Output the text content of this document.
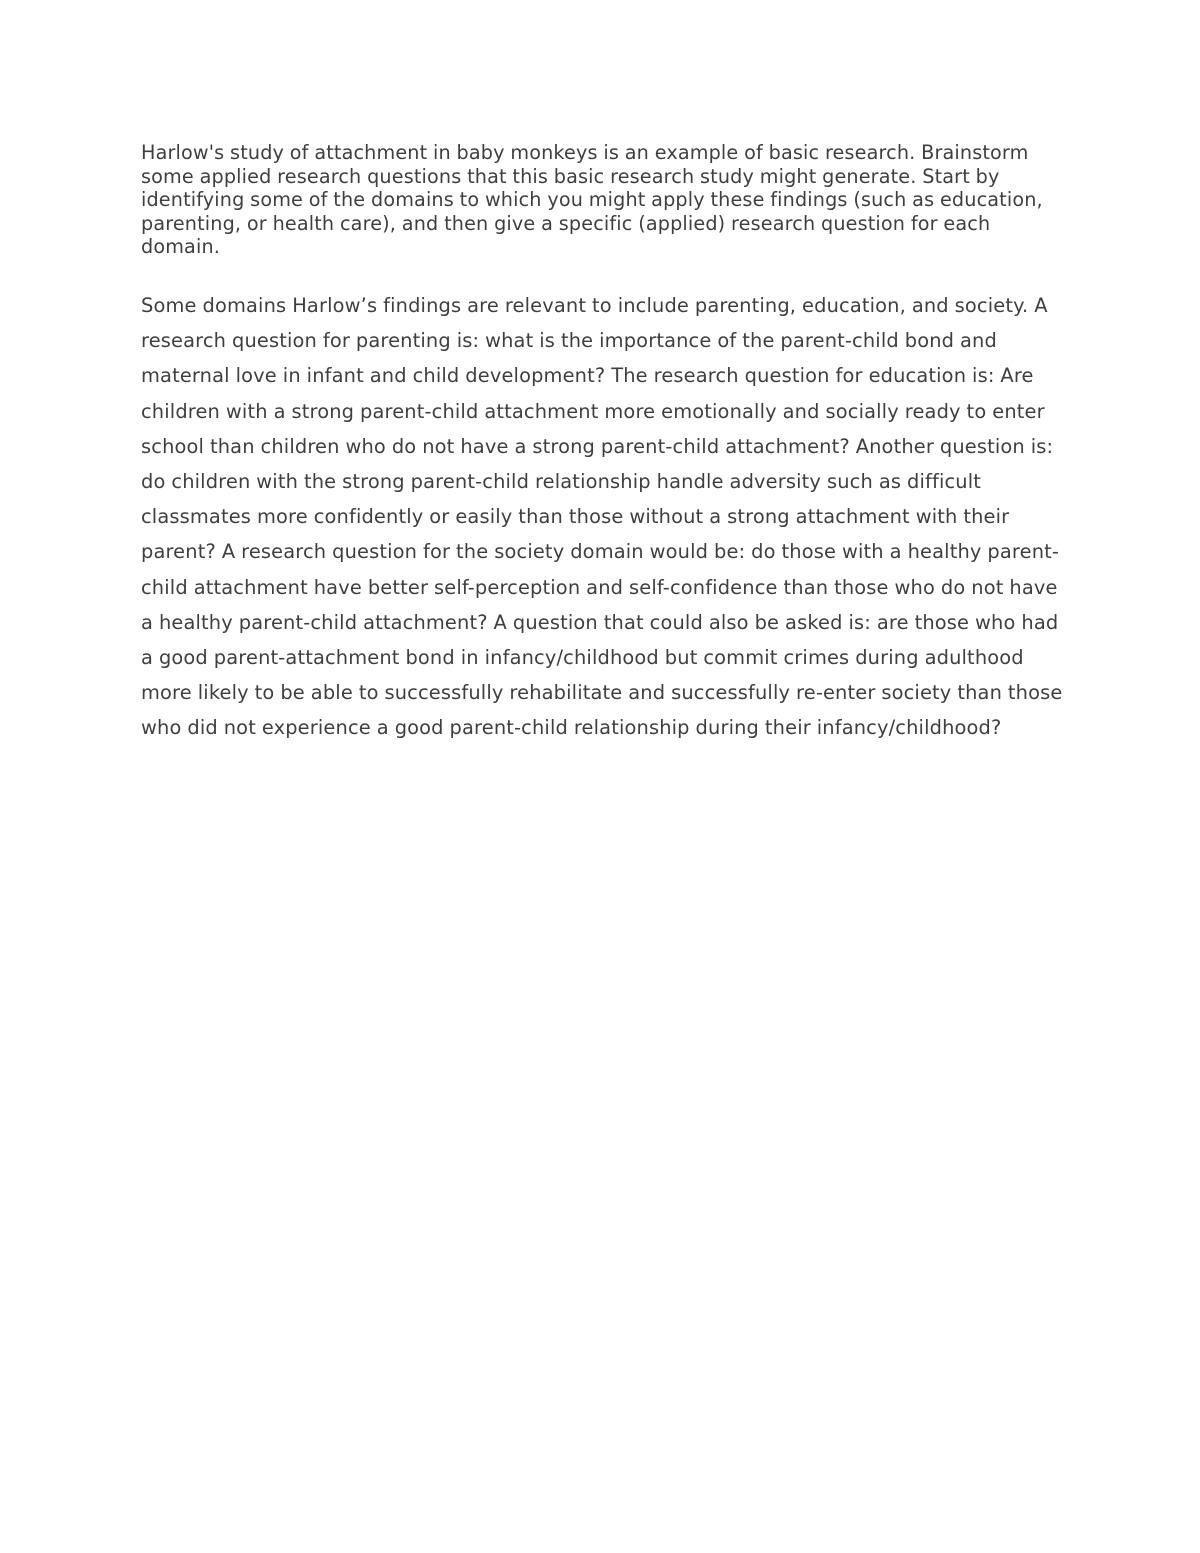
Harlow's study of attachment in baby monkeys is an example of basic research. Brainstorm some applied research questions that this basic research study might generate. Start by identifying some of the domains to which you might apply these findings (such as education, parenting, or health care), and then give a specific (applied) research question for each domain.

Some domains Harlow’s findings are relevant to include parenting, education, and society. A research question for parenting is: what is the importance of the parent-child bond and maternal love in infant and child development? The research question for education is: Are children with a strong parent-child attachment more emotionally and socially ready to enter school than children who do not have a strong parent-child attachment? Another question is: do children with the strong parent-child relationship handle adversity such as difficult classmates more confidently or easily than those without a strong attachment with their parent? A research question for the society domain would be: do those with a healthy parent-child attachment have better self-perception and self-confidence than those who do not have a healthy parent-child attachment? A question that could also be asked is: are those who had a good parent-attachment bond in infancy/childhood but commit crimes during adulthood more likely to be able to successfully rehabilitate and successfully re-enter society than those who did not experience a good parent-child relationship during their infancy/childhood?
